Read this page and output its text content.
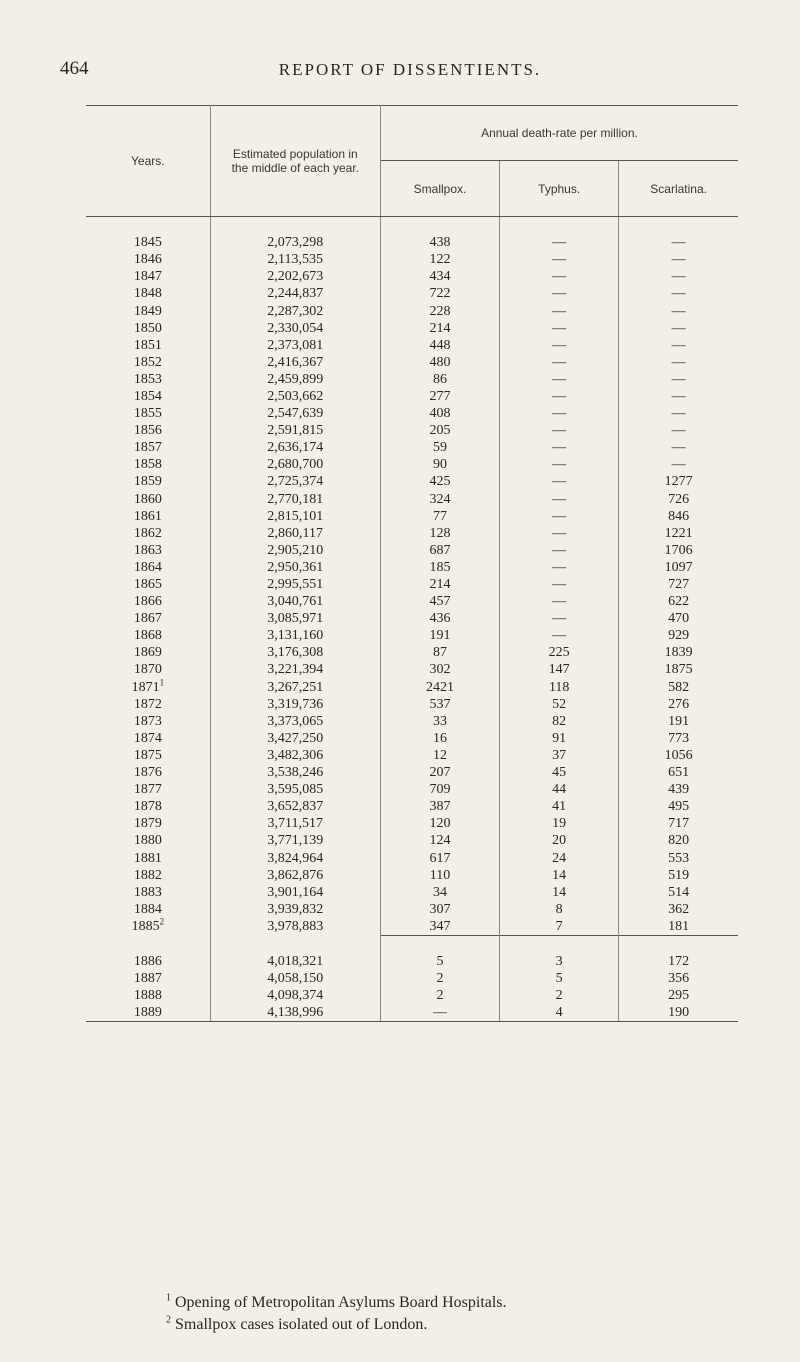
464	REPORT OF DISSENTIENTS.
Years.	Estimated population in the middle of each year.	Annual death-rate per million.		
		Smallpox.	Typhus.	Scarlatina.

1845	2,073,298	438	—	—
1846	2,113,535	122	—	—
1847	2,202,673	434	—	—
1848	2,244,837	722	—	—
1849	2,287,302	228	—	—
1850	2,330,054	214	—	—
1851	2,373,081	448	—	—
1852	2,416,367	480	—	—
1853	2,459,899	86	—	—
1854	2,503,662	277	—	—
1855	2,547,639	408	—	—
1856	2,591,815	205	—	—
1857	2,636,174	59	—	—
1858	2,680,700	90	—	—
1859	2,725,374	425	—	1277
1860	2,770,181	324	—	726
1861	2,815,101	77	—	846
1862	2,860,117	128	—	1221
1863	2,905,210	687	—	1706
1864	2,950,361	185	—	1097
1865	2,995,551	214	—	727
1866	3,040,761	457	—	622
1867	3,085,971	436	—	470
1868	3,131,160	191	—	929
1869	3,176,308	87	225	1839
1870	3,221,394	302	147	1875
1871$^1$	3,267,251	2421	118	582
1872	3,319,736	537	52	276
1873	3,373,065	33	82	191
1874	3,427,250	16	91	773
1875	3,482,306	12	37	1056
1876	3,538,246	207	45	651
1877	3,595,085	709	44	439
1878	3,652,837	387	41	495
1879	3,711,517	120	19	717
1880	3,771,139	124	20	820
1881	3,824,964	617	24	553
1882	3,862,876	110	14	519
1883	3,901,164	34	14	514
1884	3,939,832	307	8	362
1885$^2$	3,978,883	347	7	181

1886	4,018,321	5	3	172
1887	4,058,150	2	5	356
1888	4,098,374	2	2	295
1889	4,138,996	—	4	190
$^1$ Opening of Metropolitan Asylums Board Hospitals.
$^2$ Smallpox cases isolated out of London.
